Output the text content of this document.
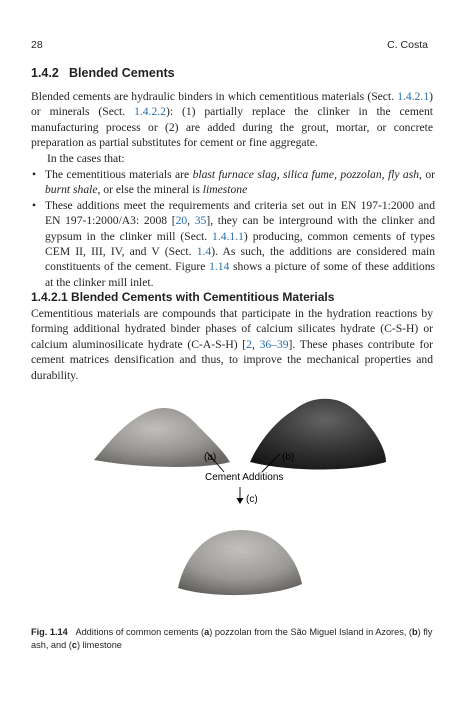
28	C. Costa
1.4.2 Blended Cements

Blended cements are hydraulic binders in which cementitious materials (Sect. 1.4.2.1) or minerals (Sect. 1.4.2.2): (1) partially replace the clinker in the cement manufacturing process or (2) are added during the grout, mortar, or concrete preparation as partial substitutes for cement or fine aggregate.

In the cases that:

• The cementitious materials are blast furnace slag, silica fume, pozzolan, fly ash, or burnt shale, or else the mineral is limestone
• These additions meet the requirements and criteria set out in EN 197-1:2000 and EN 197-1:2000/A3: 2008 [20, 35], they can be interground with the clinker and gypsum in the clinker mill (Sect. 1.4.1.1) producing, common cements of types CEM II, III, IV, and V (Sect. 1.4). As such, the additions are considered main constituents of the cement. Figure 1.14 shows a picture of some of these additions at the clinker mill inlet.
1.4.2.1 Blended Cements with Cementitious Materials

Cementitious materials are compounds that participate in the hydration reactions by forming additional hydrated binder phases of calcium silicates hydrate (C-S-H) or calcium aluminosilicate hydrate (C-A-S-H) [2, 36–39]. These phases contribute for cement matrices densification and thus, to improve the mechanical properties and durability.

(a)	(b)
Cement Additions
(c)
Fig. 1.14 Additions of common cements (a) pozzolan from the São Miguel Island in Azores, (b) fly ash, and (c) limestone
